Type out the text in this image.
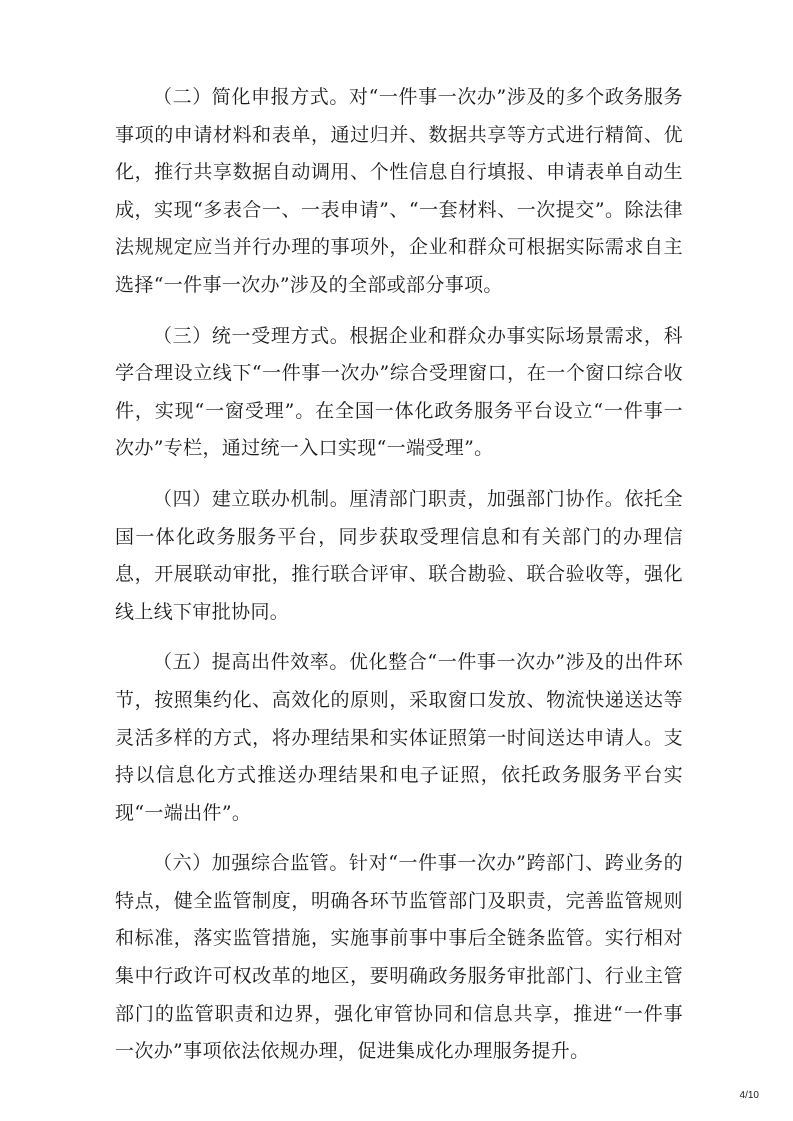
（二）简化申报方式。对“一件事一次办”涉及的多个政务服务事项的申请材料和表单，通过归并、数据共享等方式进行精简、优化，推行共享数据自动调用、个性信息自行填报、申请表单自动生成，实现“多表合一、一表申请”、“一套材料、一次提交”。除法律法规规定应当并行办理的事项外，企业和群众可根据实际需求自主选择“一件事一次办”涉及的全部或部分事项。

（三）统一受理方式。根据企业和群众办事实际场景需求，科学合理设立线下“一件事一次办”综合受理窗口，在一个窗口综合收件，实现“一窗受理”。在全国一体化政务服务平台设立“一件事一次办”专栏，通过统一入口实现“一端受理”。

（四）建立联办机制。厘清部门职责，加强部门协作。依托全国一体化政务服务平台，同步获取受理信息和有关部门的办理信息，开展联动审批，推行联合评审、联合勘验、联合验收等，强化线上线下审批协同。

（五）提高出件效率。优化整合“一件事一次办”涉及的出件环节，按照集约化、高效化的原则，采取窗口发放、物流快递送达等灵活多样的方式，将办理结果和实体证照第一时间送达申请人。支持以信息化方式推送办理结果和电子证照，依托政务服务平台实现“一端出件”。

（六）加强综合监管。针对“一件事一次办”跨部门、跨业务的特点，健全监管制度，明确各环节监管部门及职责，完善监管规则和标准，落实监管措施，实施事前事中事后全链条监管。实行相对集中行政许可权改革的地区，要明确政务服务审批部门、行业主管部门的监管职责和边界，强化审管协同和信息共享，推进“一件事一次办”事项依法依规办理，促进集成化办理服务提升。

4/10
